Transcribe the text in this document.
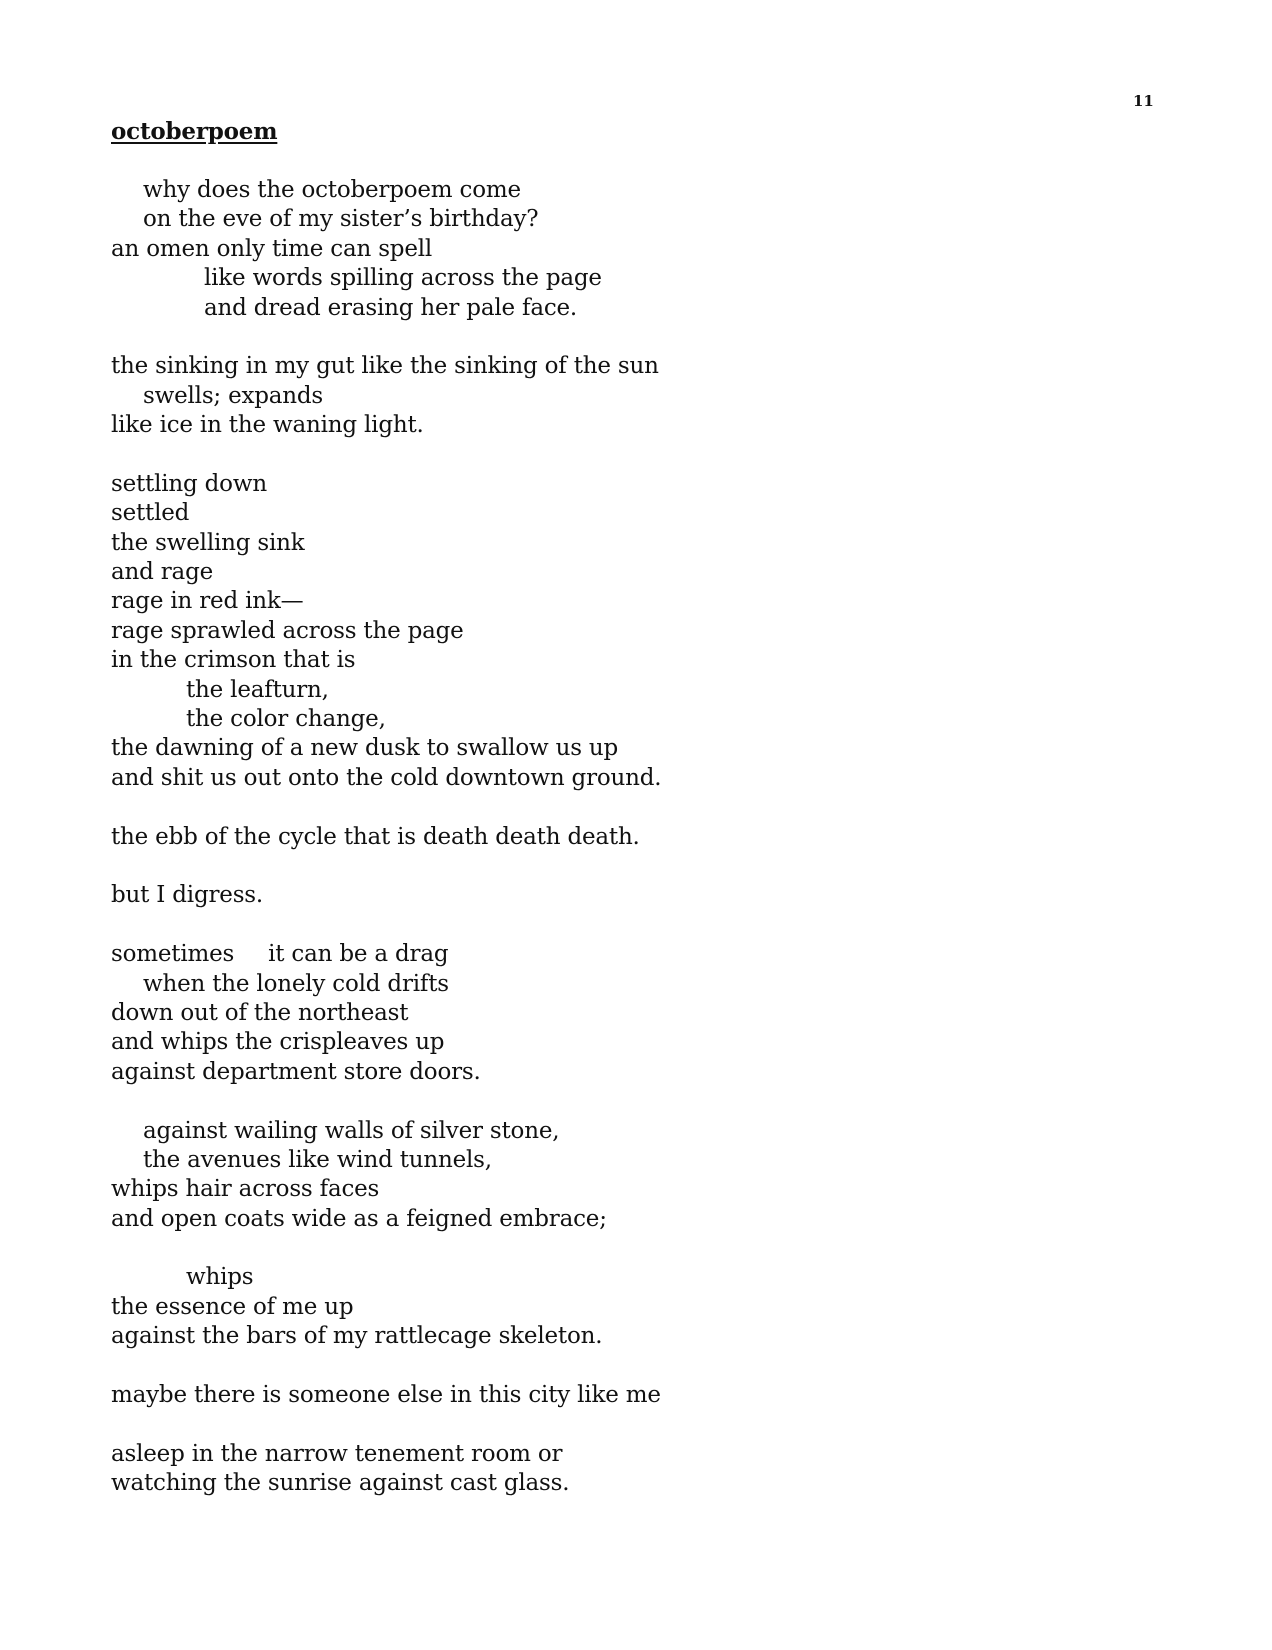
11
octoberpoem
why does the octoberpoem come
on the eve of my sister’s birthday?
an omen only time can spell
like words spilling across the page
and dread erasing her pale face.
the sinking in my gut like the sinking of the sun
swells; expands
like ice in the waning light.
settling down
settled
the swelling sink
and rage
rage in red ink—
rage sprawled across the page
in the crimson that is
the leafturn,
the color change,
the dawning of a new dusk to swallow us up
and shit us out onto the cold downtown ground.
the ebb of the cycle that is death death death.
but I digress.
sometimes it can be a drag
when the lonely cold drifts
down out of the northeast
and whips the crispleaves up
against department store doors.
against wailing walls of silver stone,
the avenues like wind tunnels,
whips hair across faces
and open coats wide as a feigned embrace;
whips
the essence of me up
against the bars of my rattlecage skeleton.
maybe there is someone else in this city like me
asleep in the narrow tenement room or
watching the sunrise against cast glass.
